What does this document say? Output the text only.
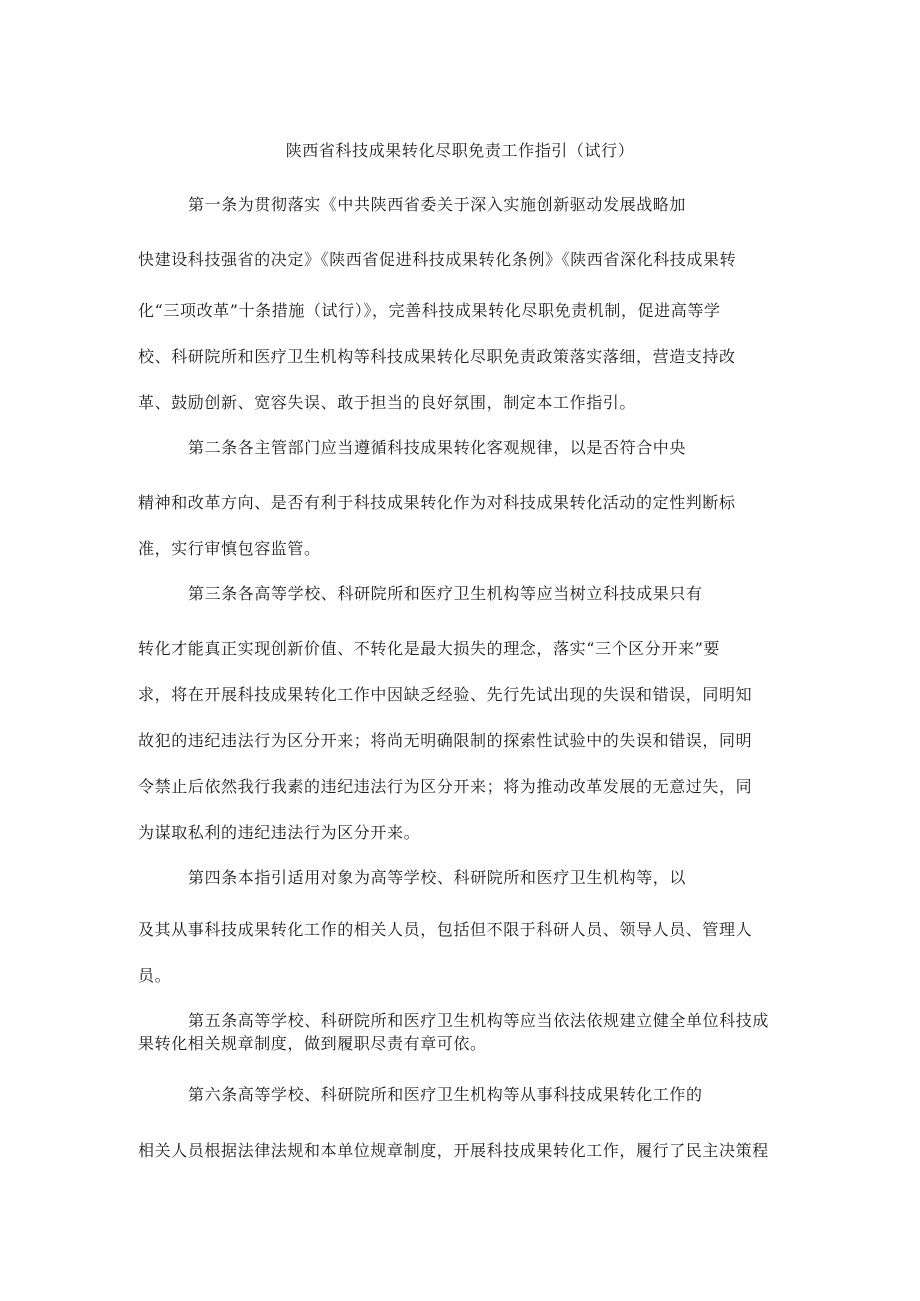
陕西省科技成果转化尽职免责工作指引（试行）
第一条为贯彻落实《中共陕西省委关于深入实施创新驱动发展战略加
快建设科技强省的决定》《陕西省促进科技成果转化条例》《陕西省深化科技成果转
化“三项改革”十条措施（试行）》，完善科技成果转化尽职免责机制，促进高等学
校、科研院所和医疗卫生机构等科技成果转化尽职免责政策落实落细，营造支持改
革、鼓励创新、宽容失误、敢于担当的良好氛围，制定本工作指引。
第二条各主管部门应当遵循科技成果转化客观规律，以是否符合中央
精神和改革方向、是否有利于科技成果转化作为对科技成果转化活动的定性判断标
准，实行审慎包容监管。
第三条各高等学校、科研院所和医疗卫生机构等应当树立科技成果只有
转化才能真正实现创新价值、不转化是最大损失的理念，落实“三个区分开来”要
求，将在开展科技成果转化工作中因缺乏经验、先行先试出现的失误和错误，同明知
故犯的违纪违法行为区分开来；将尚无明确限制的探索性试验中的失误和错误，同明
令禁止后依然我行我素的违纪违法行为区分开来；将为推动改革发展的无意过失，同
为谋取私利的违纪违法行为区分开来。
第四条本指引适用对象为高等学校、科研院所和医疗卫生机构等，以
及其从事科技成果转化工作的相关人员，包括但不限于科研人员、领导人员、管理人
员。
第五条高等学校、科研院所和医疗卫生机构等应当依法依规建立健全单位科技成
果转化相关规章制度，做到履职尽责有章可依。
第六条高等学校、科研院所和医疗卫生机构等从事科技成果转化工作的
相关人员根据法律法规和本单位规章制度，开展科技成果转化工作，履行了民主决策程
